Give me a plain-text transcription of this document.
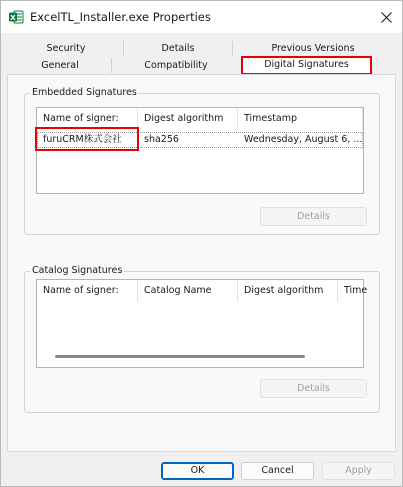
X ExcelTL_Installer.exe Properties
Security	Details	Previous Versions
General	Compatibility	Digital Signatures
Embedded Signatures
Name of signer:	Digest algorithm	Timestamp
furuCRM株式会社	sha256	Wednesday, August 6, ...
Details
Catalog Signatures
Name of signer:	Catalog Name	Digest algorithm	Time
Details
OK	Cancel	Apply
